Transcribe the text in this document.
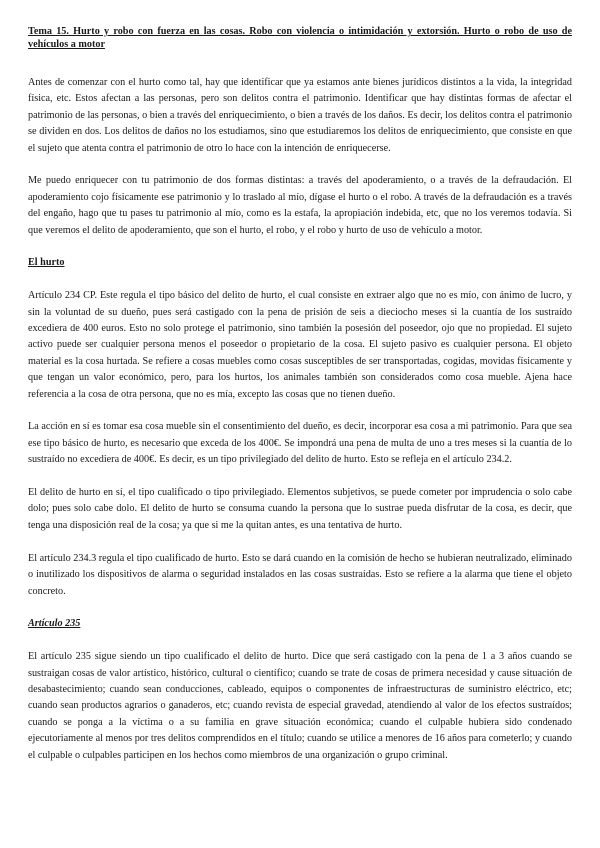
Tema 15. Hurto y robo con fuerza en las cosas. Robo con violencia o intimidación y extorsión. Hurto o robo de uso de vehículos a motor

Antes de comenzar con el hurto como tal, hay que identificar que ya estamos ante bienes jurídicos distintos a la vida, la integridad física, etc. Estos afectan a las personas, pero son delitos contra el patrimonio. Identificar que hay distintas formas de afectar el patrimonio de las personas, o bien a través del enriquecimiento, o bien a través de los daños. Es decir, los delitos contra el patrimonio se dividen en dos. Los delitos de daños no los estudiamos, sino que estudiaremos los delitos de enriquecimiento, que consiste en que el sujeto que atenta contra el patrimonio de otro lo hace con la intención de enriquecerse.

Me puedo enriquecer con tu patrimonio de dos formas distintas: a través del apoderamiento, o a través de la defraudación. El apoderamiento cojo físicamente ese patrimonio y lo traslado al mío, dígase el hurto o el robo. A través de la defraudación es a través del engaño, hago que tu pases tu patrimonio al mío, como es la estafa, la apropiación indebida, etc, que no los veremos todavía. Si que veremos el delito de apoderamiento, que son el hurto, el robo, y el robo y hurto de uso de vehículo a motor.

El hurto

Artículo 234 CP. Este regula el tipo básico del delito de hurto, el cual consiste en extraer algo que no es mío, con ánimo de lucro, y sin la voluntad de su dueño, pues será castigado con la pena de prisión de seis a dieciocho meses si la cuantía de los sustraído excediera de 400 euros. Esto no solo protege el patrimonio, sino también la posesión del poseedor, ojo que no propiedad. El sujeto activo puede ser cualquier persona menos el poseedor o propietario de la cosa. El sujeto pasivo es cualquier persona. El objeto material es la cosa hurtada. Se refiere a cosas muebles como cosas susceptibles de ser transportadas, cogidas, movidas físicamente y que tengan un valor económico, pero, para los hurtos, los animales también son considerados como cosa mueble. Ajena hace referencia a la cosa de otra persona, que no es mía, excepto las cosas que no tienen dueño.

La acción en sí es tomar esa cosa mueble sin el consentimiento del dueño, es decir, incorporar esa cosa a mi patrimonio. Para que sea ese tipo básico de hurto, es necesario que exceda de los 400€. Se impondrá una pena de multa de uno a tres meses si la cuantía de lo sustraído no excediera de 400€. Es decir, es un tipo privilegiado del delito de hurto. Esto se refleja en el artículo 234.2.

El delito de hurto en sí, el tipo cualificado o tipo privilegiado. Elementos subjetivos, se puede cometer por imprudencia o solo cabe dolo; pues solo cabe dolo. El delito de hurto se consuma cuando la persona que lo sustrae pueda disfrutar de la cosa, es decir, que tenga una disposición real de la cosa; ya que si me la quitan antes, es una tentativa de hurto.

El artículo 234.3 regula el tipo cualificado de hurto. Esto se dará cuando en la comisión de hecho se hubieran neutralizado, eliminado o inutilizado los dispositivos de alarma o seguridad instalados en las cosas sustraídas. Esto se refiere a la alarma que tiene el objeto concreto.

Artículo 235

El artículo 235 sigue siendo un tipo cualificado el delito de hurto. Dice que será castigado con la pena de 1 a 3 años cuando se sustraigan cosas de valor artístico, histórico, cultural o científico; cuando se trate de cosas de primera necesidad y cause situación de desabastecimiento; cuando sean conducciones, cableado, equipos o componentes de infraestructuras de suministro eléctrico, etc; cuando sean productos agrarios o ganaderos, etc; cuando revista de especial gravedad, atendiendo al valor de los efectos sustraídos; cuando se ponga a la víctima o a su familia en grave situación económica; cuando el culpable hubiera sido condenado ejecutoriamente al menos por tres delitos comprendidos en el título; cuando se utilice a menores de 16 años para cometerlo; y cuando el culpable o culpables participen en los hechos como miembros de una organización o grupo criminal.
